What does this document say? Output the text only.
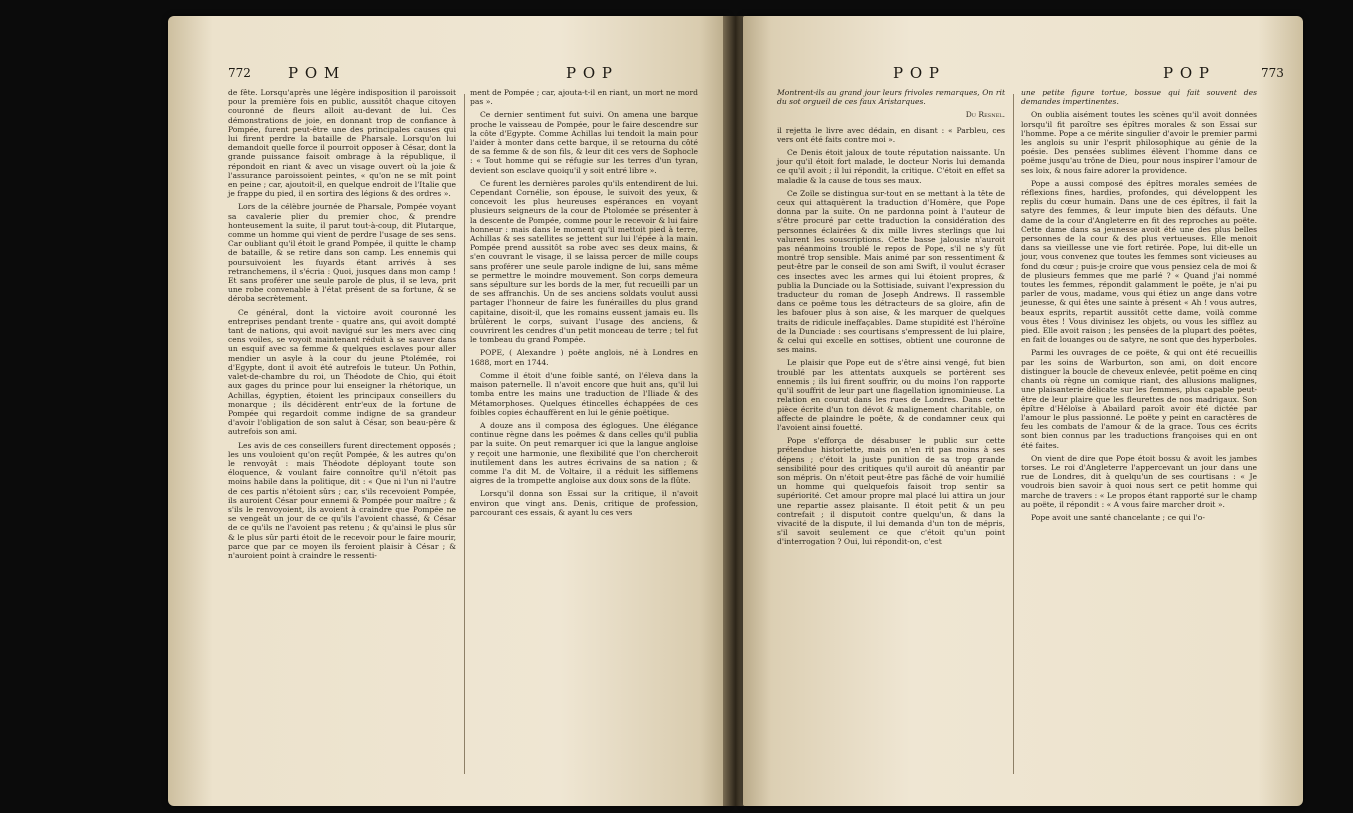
772 P O M	P O P

de fête. Lorsqu'après une légère indisposition il paroissoit pour la première fois en public, aussitôt chaque citoyen couronné de fleurs alloit au-devant de lui. Ces démonstrations de joie, en donnant trop de confiance à Pompée, furent peut-être une des principales causes qui lui firent perdre la bataille de Pharsale. Lorsqu'on lui demandoit quelle force il pourroit opposer à César, dont la grande puissance faisoit ombrage à la république, il répondoit en riant & avec un visage ouvert où la joie & l'assurance paroissoient peintes, « qu'on ne se mît point en peine ; car, ajoutoit-il, en quelque endroit de l'Italie que je frappe du pied, il en sortira des légions & des ordres ».

Lors de la célèbre journée de Pharsale, Pompée voyant sa cavalerie plier du premier choc, & prendre honteusement la suite, il parut tout-à-coup, dit Plutarque, comme un homme qui vient de perdre l'usage de ses sens. Car oubliant qu'il étoit le grand Pompée, il quitte le champ de bataille, & se retire dans son camp. Les ennemis qui poursuivoient les fuyards étant arrivés à ses retranchemens, il s'écria : Quoi, jusques dans mon camp ! Et sans proférer une seule parole de plus, il se leva, prit une robe convenable à l'état présent de sa fortune, & se déroba secrètement.

Ce général, dont la victoire avoit couronné les entreprises pendant trente - quatre ans, qui avoit dompté tant de nations, qui avoit navigué sur les mers avec cinq cens voiles, se voyoit maintenant réduit à se sauver dans un esquif avec sa femme & quelques esclaves pour aller mendier un asyle à la cour du jeune Ptolémée, roi d'Egypte, dont il avoit été autrefois le tuteur. Un Pothin, valet-de-chambre du roi, un Théodote de Chio, qui étoit aux gages du prince pour lui enseigner la rhétorique, un Achillas, égyptien, étoient les principaux conseillers du monarque ; ils décidèrent entr'eux de la fortune de Pompée qui regardoit comme indigne de sa grandeur d'avoir l'obligation de son salut à César, son beau-père & autrefois son ami.

Les avis de ces conseillers furent directement opposés ; les uns vouloient qu'on reçût Pompée, & les autres qu'on le renvoyât : mais Théodote déployant toute son éloquence, & voulant faire connoître qu'il n'étoit pas moins habile dans la politique, dit : « Que ni l'un ni l'autre de ces partis n'étoient sûrs ; car, s'ils recevoient Pompée, ils auroient César pour ennemi & Pompée pour maître ; & s'ils le renvoyoient, ils avoient à craindre que Pompée ne se vengeât un jour de ce qu'ils l'avoient chassé, & César de ce qu'ils ne l'avoient pas retenu ; & qu'ainsi le plus sûr & le plus sûr parti étoit de le recevoir pour le faire mourir, parce que par ce moyen ils feroient plaisir à César ; & n'auroient point à craindre le ressenti-

ment de Pompée ; car, ajouta-t-il en riant, un mort ne mord pas ».

Ce dernier sentiment fut suivi. On amena une barque proche le vaisseau de Pompée, pour le faire descendre sur la côte d'Egypte. Comme Achillas lui tendoit la main pour l'aider à monter dans cette barque, il se retourna du côté de sa femme & de son fils, & leur dit ces vers de Sophocle : « Tout homme qui se réfugie sur les terres d'un tyran, devient son esclave quoiqu'il y soit entré libre ».

Ce furent les dernières paroles qu'ils entendirent de lui. Cependant Cornélie, son épouse, le suivoit des yeux, & concevoit les plus heureuses espérances en voyant plusieurs seigneurs de la cour de Ptolomée se présenter à la descente de Pompée, comme pour le recevoir & lui faire honneur : mais dans le moment qu'il mettoit pied à terre, Achillas & ses satellites se jettent sur lui l'épée à la main. Pompée prend aussitôt sa robe avec ses deux mains, & s'en couvrant le visage, il se laissa percer de mille coups sans proférer une seule parole indigne de lui, sans même se permettre le moindre mouvement. Son corps demeura sans sépulture sur les bords de la mer, fut recueilli par un de ses affranchis. Un de ses anciens soldats voulut aussi partager l'honneur de faire les funérailles du plus grand capitaine, disoit-il, que les romains eussent jamais eu. Ils brûlèrent le corps, suivant l'usage des anciens, & couvrirent les cendres d'un petit monceau de terre ; tel fut le tombeau du grand Pompée.

POPE, ( Alexandre ) poëte anglois, né à Londres en 1688, mort en 1744.

Comme il étoit d'une foible santé, on l'éleva dans la maison paternelle. Il n'avoit encore que huit ans, qu'il lui tomba entre les mains une traduction de l'Iliade & des Métamorphoses. Quelques étincelles échappées de ces foibles copies échauffèrent en lui le génie poëtique.

A douze ans il composa des églogues. Une élégance continue règne dans les poëmes & dans celles qu'il publia par la suite. On peut remarquer ici que la langue angloise y reçoit une harmonie, une flexibilité que l'on chercheroit inutilement dans les autres écrivains de sa nation ; & comme l'a dit M. de Voltaire, il a réduit les sifflemens aigres de la trompette angloise aux doux sons de la flûte.

Lorsqu'il donna son Essai sur la critique, il n'avoit environ que vingt ans. Denis, critique de profession, parcourant ces essais, & ayant lu ces vers

P O P	P O P	773

Montrent-ils au grand jour leurs frivoles remarques, On rit du sot orgueil de ces faux Aristarques.

Du Resnel.

il rejetta le livre avec dédain, en disant : « Parbleu, ces vers ont été faits contre moi ».

Ce Denis étoit jaloux de toute réputation naissante. Un jour qu'il étoit fort malade, le docteur Noris lui demanda ce qu'il avoit ; il lui répondit, la critique. C'étoit en effet sa maladie & la cause de tous ses maux.

Ce Zoïle se distingua sur-tout en se mettant à la tête de ceux qui attaquèrent la traduction d'Homère, que Pope donna par la suite. On ne pardonna point à l'auteur de s'être procuré par cette traduction la considération des personnes éclairées & dix mille livres sterlings que lui valurent les souscriptions. Cette basse jalousie n'auroit pas néanmoins troublé le repos de Pope, s'il ne s'y fût montré trop sensible. Mais animé par son ressentiment & peut-être par le conseil de son ami Swift, il voulut écraser ces insectes avec les armes qui lui étoient propres, & publia la Dunciade ou la Sottisiade, suivant l'expression du traducteur du roman de Joseph Andrews. Il rassemble dans ce poëme tous les détracteurs de sa gloire, afin de les bafouer plus à son aise, & les marquer de quelques traits de ridicule ineffaçables. Dame stupidité est l'héroïne de la Dunciade : ses courtisans s'empressent de lui plaire, & celui qui excelle en sottises, obtient une couronne de ses mains.

Le plaisir que Pope eut de s'être ainsi vengé, fut bien troublé par les attentats auxquels se portèrent ses ennemis ; ils lui firent souffrir, ou du moins l'on rapporte qu'il souffrit de leur part une flagellation ignominieuse. La relation en courut dans les rues de Londres. Dans cette pièce écrite d'un ton dévot & malignement charitable, on affecte de plaindre le poëte, & de condamner ceux qui l'avoient ainsi fouetté.

Pope s'efforça de désabuser le public sur cette prétendue historiette, mais on n'en rit pas moins à ses dépens ; c'étoit la juste punition de sa trop grande sensibilité pour des critiques qu'il auroit dû anéantir par son mépris. On n'étoit peut-être pas fâché de voir humilié un homme qui quelquefois faisoit trop sentir sa supériorité. Cet amour propre mal placé lui attira un jour une repartie assez plaisante. Il étoit petit & un peu contrefait ; il disputoit contre quelqu'un, & dans la vivacité de la dispute, il lui demanda d'un ton de mépris, s'il savoit seulement ce que c'étoit qu'un point d'interrogation ? Oui, lui répondit-on, c'est

une petite figure tortue, bossue qui fait souvent des demandes impertinentes.

On oublia aisément toutes les scènes qu'il avoit données lorsqu'il fit paroître ses épîtres morales & son Essai sur l'homme. Pope a ce mérite singulier d'avoir le premier parmi les anglois su unir l'esprit philosophique au génie de la poésie. Des pensées sublimes élèvent l'homme dans ce poëme jusqu'au trône de Dieu, pour nous inspirer l'amour de ses loix, & nous faire adorer la providence.

Pope a aussi composé des épîtres morales semées de réflexions fines, hardies, profondes, qui développent les replis du cœur humain. Dans une de ces épîtres, il fait la satyre des femmes, & leur impute bien des défauts. Une dame de la cour d'Angleterre en fit des reproches au poëte. Cette dame dans sa jeunesse avoit été une des plus belles personnes de la cour & des plus vertueuses. Elle menoit dans sa vieillesse une vie fort retirée. Pope, lui dit-elle un jour, vous convenez que toutes les femmes sont vicieuses au fond du cœur ; puis-je croire que vous pensiez cela de moi & de plusieurs femmes que me parlé ? « Quand j'ai nommé toutes les femmes, répondit galamment le poëte, je n'ai pu parler de vous, madame, vous qui étiez un ange dans votre jeunesse, & qui êtes une sainte à présent « Ah ! vous autres, beaux esprits, repartit aussitôt cette dame, voilà comme vous êtes ! Vous divinisez les objets, ou vous les sifflez au pied. Elle avoit raison ; les pensées de la plupart des poëtes, en fait de louanges ou de satyre, ne sont que des hyperboles.

Parmi les ouvrages de ce poëte, & qui ont été recueillis par les soins de Warburton, son ami, on doit encore distinguer la boucle de cheveux enlevée, petit poëme en cinq chants où règne un comique riant, des allusions malignes, une plaisanterie délicate sur les femmes, plus capable peut-être de leur plaire que les fleurettes de nos madrigaux. Son épître d'Héloïse à Abailard paroît avoir été dictée par l'amour le plus passionné. Le poëte y peint en caractères de feu les combats de l'amour & de la grace. Tous ces écrits sont bien connus par les traductions françoises qui en ont été faites.

On vient de dire que Pope étoit bossu & avoit les jambes torses. Le roi d'Angleterre l'appercevant un jour dans une rue de Londres, dit à quelqu'un de ses courtisans : « Je voudrois bien savoir à quoi nous sert ce petit homme qui marche de travers : « Le propos étant rapporté sur le champ au poëte, il répondit : « A vous faire marcher droit ».

Pope avoit une santé chancelante ; ce qui l'o-
